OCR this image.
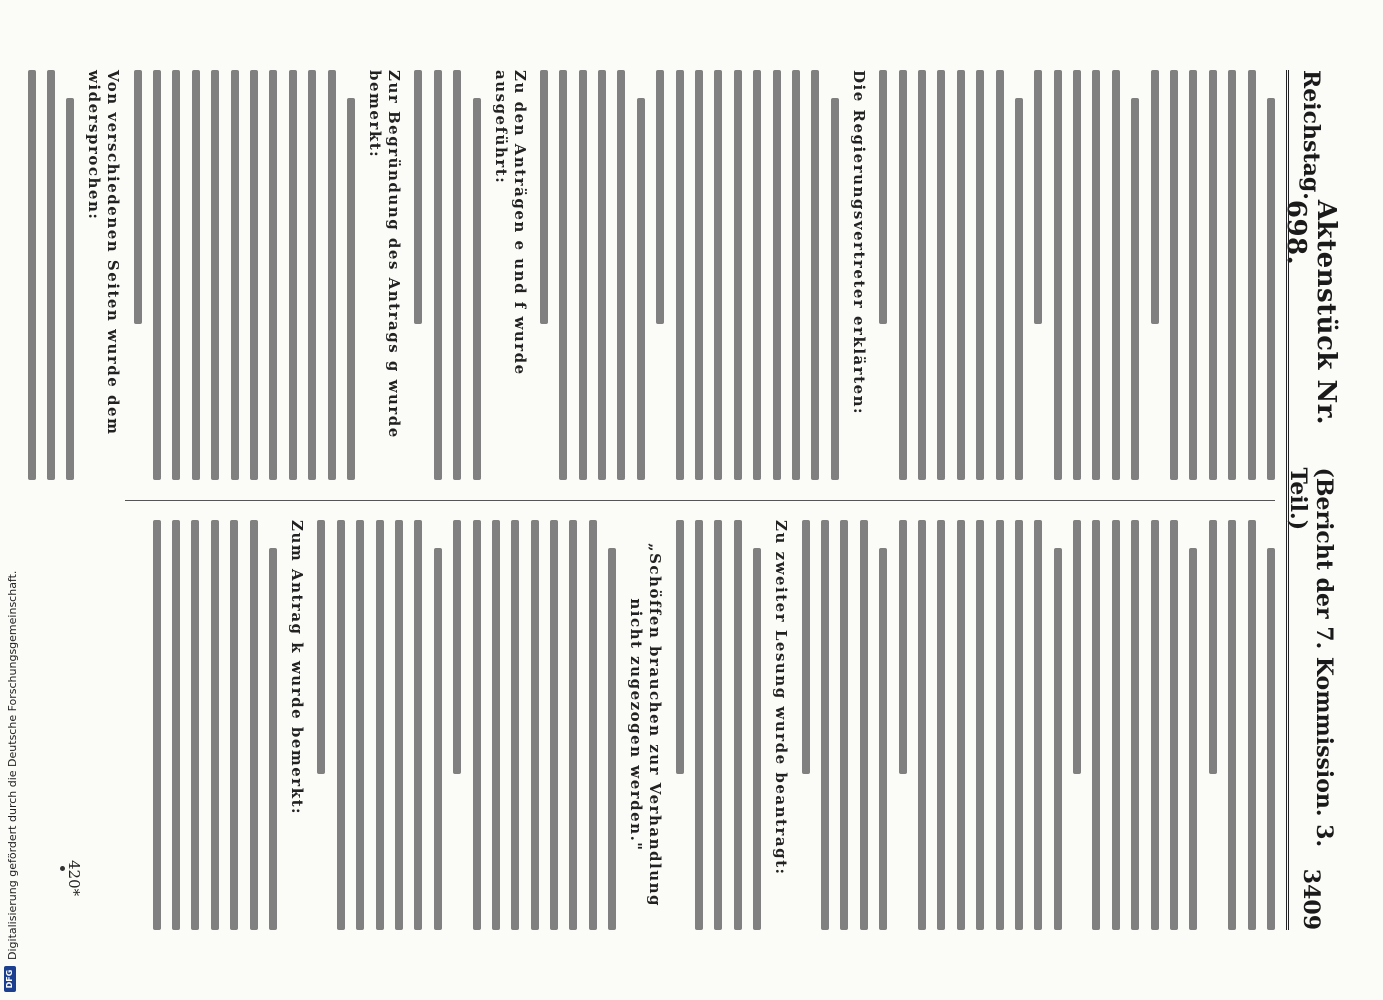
Reichstag.
Aktenstück Nr. 698.
(Bericht der 7. Kommission. 3. Teil.)
3409
Die Regierungsvertreter erklärten:
Zu den Anträgen e und f wurde ausgeführt:
Zur Begründung des Antrags g wurde bemerkt:
Von verschiedenen Seiten wurde dem widersprochen:
Zu zweiter Lesung wurde beantragt:
„Schöffen brauchen zur Verhandlung nicht zugezogen werden."
Zum Antrag k wurde bemerkt:
420*
Digitalisierung gefördert durch die Deutsche Forschungsgemeinschaft.
DFG
